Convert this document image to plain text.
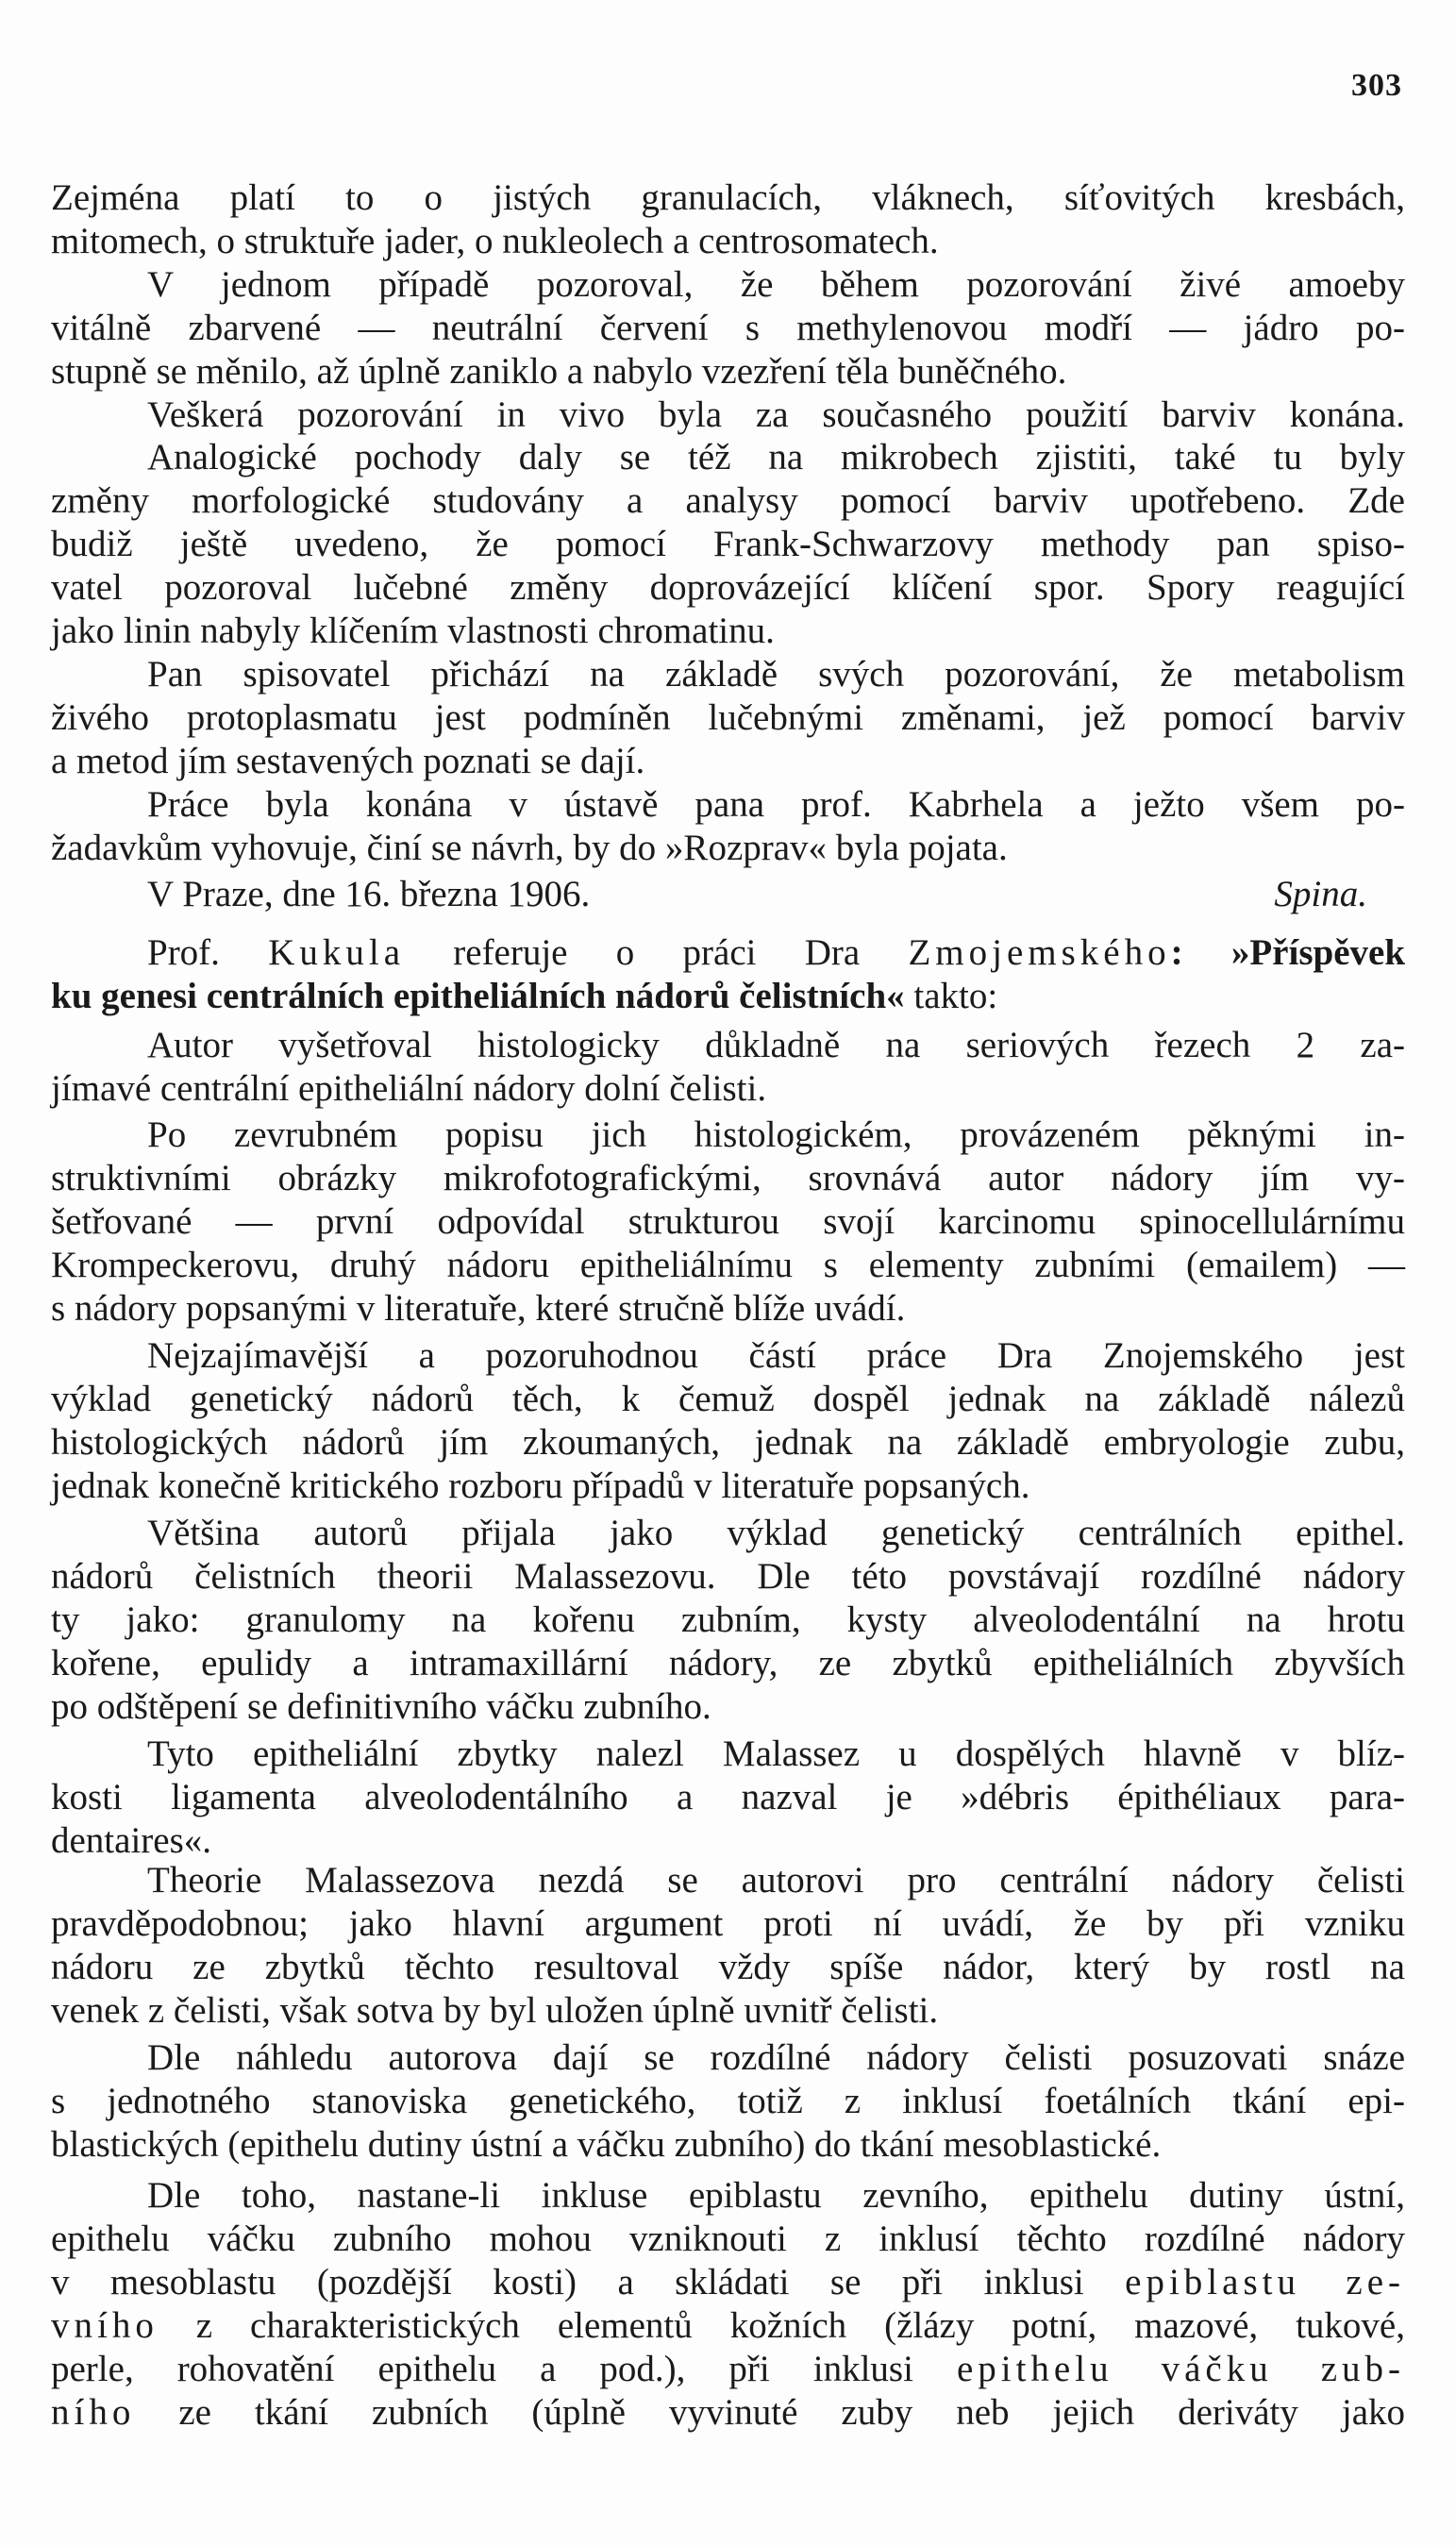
303
Zejména platí to o jistých granulacích, vláknech, síťovitých kresbách,
mitomech, o struktuře jader, o nukleolech a centrosomatech.
V jednom případě pozoroval, že během pozorování živé amoeby
vitálně zbarvené — neutrální červení s methylenovou modří — jádro po-
stupně se měnilo, až úplně zaniklo a nabylo vzezření těla buněčného.
Veškerá pozorování in vivo byla za současného použití barviv konána.
Analogické pochody daly se též na mikrobech zjistiti, také tu byly
změny morfologické studovány a analysy pomocí barviv upotřebeno. Zde
budiž ještě uvedeno, že pomocí Frank-Schwarzovy methody pan spiso-
vatel pozoroval lučebné změny doprovázející klíčení spor. Spory reagující
jako linin nabyly klíčením vlastnosti chromatinu.
Pan spisovatel přichází na základě svých pozorování, že metabolism
živého protoplasmatu jest podmíněn lučebnými změnami, jež pomocí barviv
a metod jím sestavených poznati se dají.
Práce byla konána v ústavě pana prof. Kabrhela a ježto všem po-
žadavkům vyhovuje, činí se návrh, by do »Rozprav« byla pojata.
V Praze, dne 16. března 1906.	Spina.
Prof. Kukula referuje o práci Dra Zmojemského: »Příspěvek
ku genesi centrálních epitheliálních nádorů čelistních« takto:
Autor vyšetřoval histologicky důkladně na seriových řezech 2 za-
jímavé centrální epitheliální nádory dolní čelisti.
Po zevrubném popisu jich histologickém, provázeném pěknými in-
struktivními obrázky mikrofotografickými, srovnává autor nádory jím vy-
šetřované — první odpovídal strukturou svojí karcinomu spinocellulárnímu
Krompeckerovu, druhý nádoru epitheliálnímu s elementy zubními (emailem) —
s nádory popsanými v literatuře, které stručně blíže uvádí.
Nejzajímavější a pozoruhodnou částí práce Dra Znojemského jest
výklad genetický nádorů těch, k čemuž dospěl jednak na základě nálezů
histologických nádorů jím zkoumaných, jednak na základě embryologie zubu,
jednak konečně kritického rozboru případů v literatuře popsaných.
Většina autorů přijala jako výklad genetický centrálních epithel.
nádorů čelistních theorii Malassezovu. Dle této povstávají rozdílné nádory
ty jako: granulomy na kořenu zubním, kysty alveolodentální na hrotu
kořene, epulidy a intramaxillární nádory, ze zbytků epitheliálních zbyvších
po odštěpení se definitivního váčku zubního.
Tyto epitheliální zbytky nalezl Malassez u dospělých hlavně v blíz-
kosti ligamenta alveolodentálního a nazval je »débris épithéliaux para-
dentaires«.
Theorie Malassezova nezdá se autorovi pro centrální nádory čelisti
pravděpodobnou; jako hlavní argument proti ní uvádí, že by při vzniku
nádoru ze zbytků těchto resultoval vždy spíše nádor, který by rostl na
venek z čelisti, však sotva by byl uložen úplně uvnitř čelisti.
Dle náhledu autorova dají se rozdílné nádory čelisti posuzovati snáze
s jednotného stanoviska genetického, totiž z inklusí foetálních tkání epi-
blastických (epithelu dutiny ústní a váčku zubního) do tkání mesoblastické.
Dle toho, nastane-li inkluse epiblastu zevního, epithelu dutiny ústní,
epithelu váčku zubního mohou vzniknouti z inklusí těchto rozdílné nádory
v mesoblastu (pozdější kosti) a skládati se při inklusi epiblastu ze-
vního z charakteristických elementů kožních (žlázy potní, mazové, tukové,
perle, rohovatění epithelu a pod.), při inklusi epithelu váčku zub-
ního ze tkání zubních (úplně vyvinuté zuby neb jejich deriváty jako
